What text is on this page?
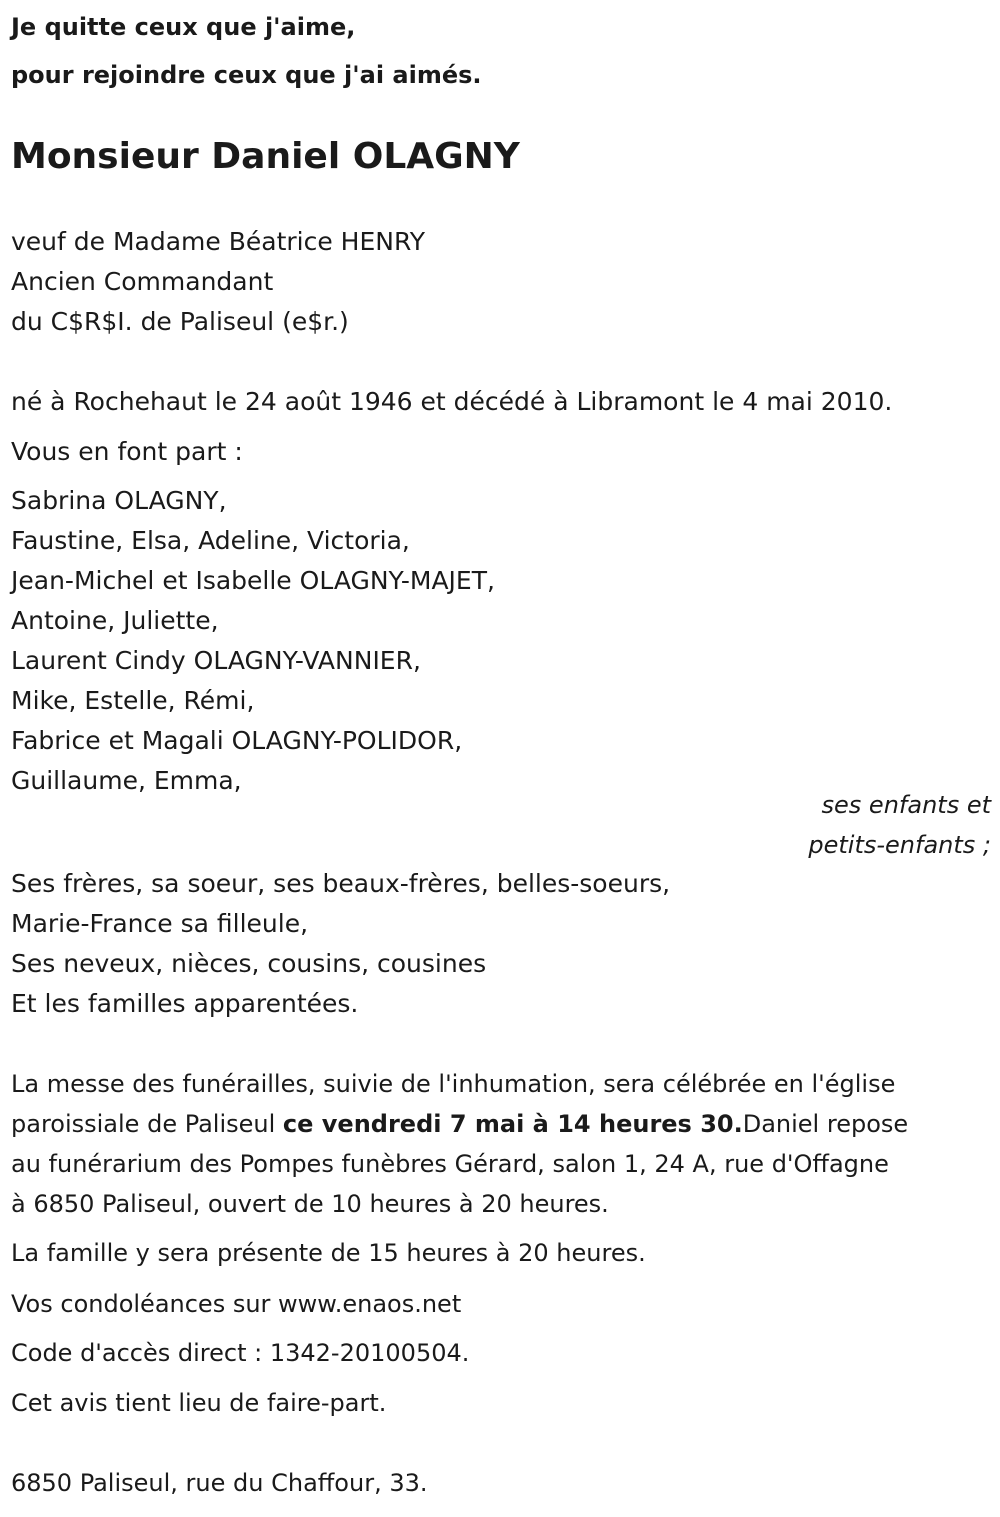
Je quitte ceux que j'aime,
pour rejoindre ceux que j'ai aimés.
Monsieur Daniel OLAGNY
veuf de Madame Béatrice HENRY
Ancien Commandant
du C$R$I. de Paliseul (e$r.)
né à Rochehaut le 24 août 1946 et décédé à Libramont le 4 mai 2010.
Vous en font part :
Sabrina OLAGNY,
Faustine, Elsa, Adeline, Victoria,
Jean-Michel et Isabelle OLAGNY-MAJET,
Antoine, Juliette,
Laurent Cindy OLAGNY-VANNIER,
Mike, Estelle, Rémi,
Fabrice et Magali OLAGNY-POLIDOR,
Guillaume, Emma,
ses enfants et
petits-enfants ;
Ses frères, sa soeur, ses beaux-frères, belles-soeurs,
Marie-France sa filleule,
Ses neveux, nièces, cousins, cousines
Et les familles apparentées.
La messe des funérailles, suivie de l'inhumation, sera célébrée en l'église
paroissiale de Paliseul ce vendredi 7 mai à 14 heures 30.Daniel repose
au funérarium des Pompes funèbres Gérard, salon 1, 24 A, rue d'Offagne
à 6850 Paliseul, ouvert de 10 heures à 20 heures.
La famille y sera présente de 15 heures à 20 heures.
Vos condoléances sur www.enaos.net
Code d'accès direct : 1342-20100504.
Cet avis tient lieu de faire-part.
6850 Paliseul, rue du Chaffour, 33.
